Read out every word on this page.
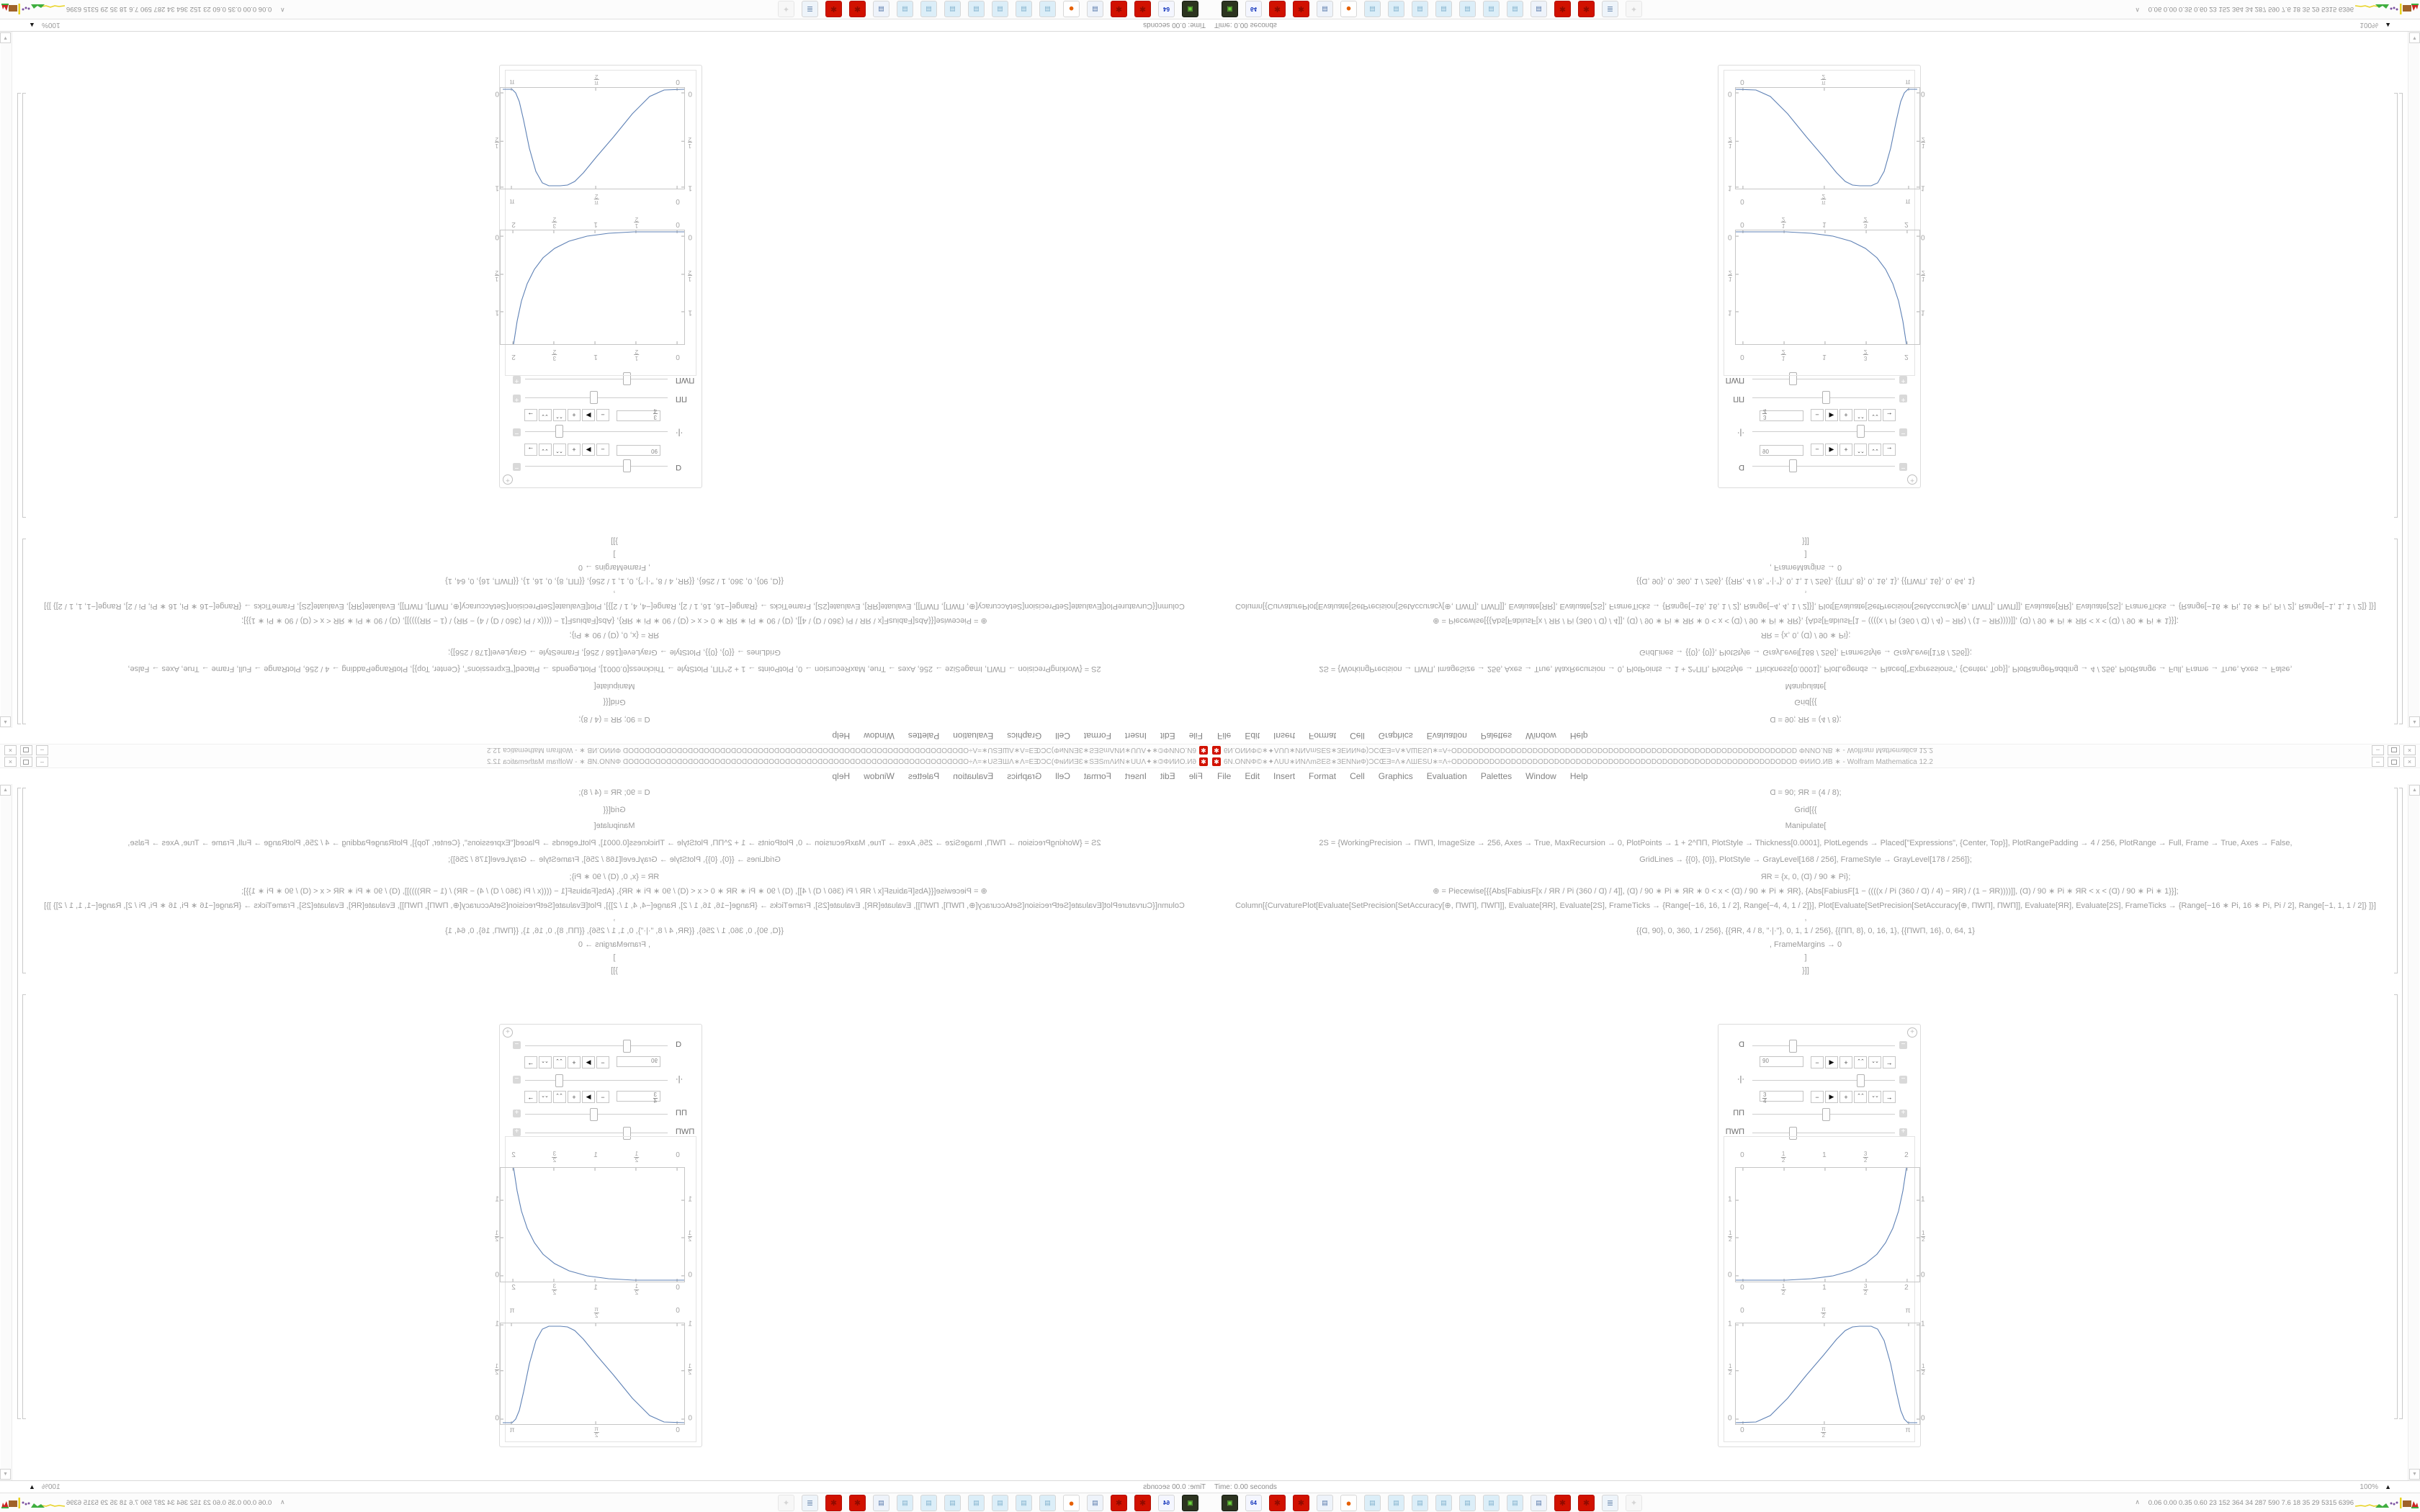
✱ 6N.ONNΦ©∗✦ΛUU∗ИNΛmƧEƧ∗ЗENNᴎΦ)ƆCŒƎ=Λ∗ΛШĒSU∗=Λ÷ODODODODODODODODODODODODODODODODODODODODODODODODODODODODODODODOD ΦИИО.ИВ ∗ - Wolfram Mathematica 12.2	–	×
File Edit Insert Format Cell Graphics Evaluation Palettes Window Help
Ɑ = 90; ЯR = (4 / 8);
Grid[{{
Manipulate[
2S = {WorkingPrecision → ПWП, ImageSize → 256, Axes → True, MaxRecursion → 0, PlotPoints → 1 + 2^ПП, PlotStyle → Thickness[0.0001], PlotLegends → Placed["Expressions", {Center, Top}], PlotRangePadding → 4 / 256, PlotRange → Full, Frame → True, Axes → False,
GridLines → {{0}, {0}}, PlotStyle → GrayLevel[168 / 256], FrameStyle → GrayLevel[178 / 256]};
ЯR = {x, 0, (Ɑ) / 90 ∗ Pi};
⊕ = Piecewise[{{Abs[FabiusF[x / ЯR / Pi (360 / Ɑ) / 4]], (Ɑ) / 90 ∗ Pi ∗ ЯR ∗ 0 < x < (Ɑ) / 90 ∗ Pi ∗ ЯR}, {Abs[FabiusF[1 − ((((x / Pi (360 / Ɑ) / 4) − ЯR) / (1 − ЯR))))]], (Ɑ) / 90 ∗ Pi ∗ ЯR < x < (Ɑ) / 90 ∗ Pi ∗ 1}}];
Column[{CurvaturePlot[Evaluate[SetPrecision[SetAccuracy[⊕, ПWП], ПWП]], Evaluate[ЯR], Evaluate[2S], FrameTicks → {Range[−16, 16, 1 / 2], Range[−4, 4, 1 / 2]}], Plot[Evaluate[SetPrecision[SetAccuracy[⊕, ПWП], ПWП]], Evaluate[ЯR], Evaluate[2S], FrameTicks → {Range[−16 ∗ Pi, 16 ∗ Pi, Pi / 2], Range[−1, 1, 1 / 2]} ]}]
,
{{Ɑ, 90}, 0, 360, 1 / 256}, {{ЯR, 4 / 8, "·|·"}, 0, 1, 1 / 256}, {{ПП, 8}, 0, 16, 1}, {{ПWП, 16}, 0, 64, 1}
, FrameMargins → 0
]
}]]
+
Ɑ	−
90	−	▶	+	⌃⌃	⌄⌄	→
·|·	−
$\frac{3}{4}$	−	▶	+	⌃⌃	⌄⌄	→
ПП	+
ПWП	+
0	$\frac{1}{2}$	1	$\frac{3}{2}$	2
0	$\frac{1}{2}$	1	$\frac{3}{2}$	2
1	1
$\frac{1}{2}$	$\frac{1}{2}$
0	0
0	$\frac{\pi}{2}$	π
0	$\frac{\pi}{2}$	π
1	1
$\frac{1}{2}$	$\frac{1}{2}$
0	0
▲
▼
Time: 0.00 seconds	100% ▲
▣	64	✱	✱	▤	●	▤	▤	▤	▤	▤	▤	▤	▤	✱	✱	≣	✦	∧ 0.06 0.00 0.35 0.60 23 152 364 34 287 590 7.6 18 35 29 5315 6396
✱
6N.ONNΦ©∗✦ΛUU∗ИNΛmƧEƧ∗ЗENNᴎΦ)ƆCŒƎ=Λ∗ΛШĒSU∗=Λ÷ODODODODODODODODODODODODODODODODODODODODODODODODODODODODODODODOD ΦИИО.ИВ ∗ - Wolfram Mathematica 12.2
–
×
File
Edit
Insert
Format
Cell
Graphics
Evaluation
Palettes
Window
Help
Ɑ = 90; ЯR = (4 / 8);
Grid[{{
Manipulate[
2S = {WorkingPrecision → ПWП, ImageSize → 256, Axes → True, MaxRecursion → 0, PlotPoints → 1 + 2^ПП, PlotStyle → Thickness[0.0001], PlotLegends → Placed["Expressions", {Center, Top}], PlotRangePadding → 4 / 256, PlotRange → Full, Frame → True, Axes → False,
GridLines → {{0}, {0}}, PlotStyle → GrayLevel[168 / 256], FrameStyle → GrayLevel[178 / 256]};
ЯR = {x, 0, (Ɑ) / 90 ∗ Pi};
⊕ = Piecewise[{{Abs[FabiusF[x / ЯR / Pi (360 / Ɑ) / 4]], (Ɑ) / 90 ∗ Pi ∗ ЯR ∗ 0 < x < (Ɑ) / 90 ∗ Pi ∗ ЯR}, {Abs[FabiusF[1 − ((((x / Pi (360 / Ɑ) / 4) − ЯR) / (1 − ЯR))))]], (Ɑ) / 90 ∗ Pi ∗ ЯR < x < (Ɑ) / 90 ∗ Pi ∗ 1}}];
Column[{CurvaturePlot[Evaluate[SetPrecision[SetAccuracy[⊕, ПWП], ПWП]], Evaluate[ЯR], Evaluate[2S], FrameTicks → {Range[−16, 16, 1 / 2], Range[−4, 4, 1 / 2]}], Plot[Evaluate[SetPrecision[SetAccuracy[⊕, ПWП], ПWП]], Evaluate[ЯR], Evaluate[2S], FrameTicks → {Range[−16 ∗ Pi, 16 ∗ Pi, Pi / 2], Range[−1, 1, 1 / 2]} ]}]
,
{{Ɑ, 90}, 0, 360, 1 / 256}, {{ЯR, 4 / 8, "·|·"}, 0, 1, 1 / 256}, {{ПП, 8}, 0, 16, 1}, {{ПWП, 16}, 0, 64, 1}
, FrameMargins → 0
]
}]]
+
Ɑ
−
90
−
▶
+
⌃⌃
⌄⌄
→
·|·
−
$\frac{3}{4}$
−
▶
+
⌃⌃
⌄⌄
→
ПП
+
ПWП
+
0
$\frac{1}{2}$
1
$\frac{3}{2}$
2
0
$\frac{1}{2}$
1
$\frac{3}{2}$
2
1
1
$\frac{1}{2}$
$\frac{1}{2}$
0
0
0
$\frac{\pi}{2}$
π
0
$\frac{\pi}{2}$
π
1
1
$\frac{1}{2}$
$\frac{1}{2}$
0
0
▲
▼
Time: 0.00 seconds
100%
▲
▣
64
✱
✱
▤
●
▤
▤
▤
▤
▤
▤
▤
▤
✱
✱
≣
✦
∧
0.06 0.00 0.35 0.60 23 152 364 34 287 590 7.6 18 35 29 5315 6396
✱ 6N.ONNΦ©∗✦ΛUU∗ИNΛmƧEƧ∗ЗENNᴎΦ)ƆCŒƎ=Λ∗ΛШĒSU∗=Λ÷ODODODODODODODODODODODODODODODODODODODODODODODODODODODODODODODOD ΦИИО.ИВ ∗ - Wolfram Mathematica 12.2	–	×
File Edit Insert Format Cell Graphics Evaluation Palettes Window Help
Ɑ = 90; ЯR = (4 / 8);
Grid[{{
Manipulate[
2S = {WorkingPrecision → ПWП, ImageSize → 256, Axes → True, MaxRecursion → 0, PlotPoints → 1 + 2^ПП, PlotStyle → Thickness[0.0001], PlotLegends → Placed["Expressions", {Center, Top}], PlotRangePadding → 4 / 256, PlotRange → Full, Frame → True, Axes → False,
GridLines → {{0}, {0}}, PlotStyle → GrayLevel[168 / 256], FrameStyle → GrayLevel[178 / 256]};
ЯR = {x, 0, (Ɑ) / 90 ∗ Pi};
⊕ = Piecewise[{{Abs[FabiusF[x / ЯR / Pi (360 / Ɑ) / 4]], (Ɑ) / 90 ∗ Pi ∗ ЯR ∗ 0 < x < (Ɑ) / 90 ∗ Pi ∗ ЯR}, {Abs[FabiusF[1 − ((((x / Pi (360 / Ɑ) / 4) − ЯR) / (1 − ЯR))))]], (Ɑ) / 90 ∗ Pi ∗ ЯR < x < (Ɑ) / 90 ∗ Pi ∗ 1}}];
Column[{CurvaturePlot[Evaluate[SetPrecision[SetAccuracy[⊕, ПWП], ПWП]], Evaluate[ЯR], Evaluate[2S], FrameTicks → {Range[−16, 16, 1 / 2], Range[−4, 4, 1 / 2]}], Plot[Evaluate[SetPrecision[SetAccuracy[⊕, ПWП], ПWП]], Evaluate[ЯR], Evaluate[2S], FrameTicks → {Range[−16 ∗ Pi, 16 ∗ Pi, Pi / 2], Range[−1, 1, 1 / 2]} ]}]
,
{{Ɑ, 90}, 0, 360, 1 / 256}, {{ЯR, 4 / 8, "·|·"}, 0, 1, 1 / 256}, {{ПП, 8}, 0, 16, 1}, {{ПWП, 16}, 0, 64, 1}
, FrameMargins → 0
]
}]]
+
Ɑ	−
90	−	▶	+	⌃⌃	⌄⌄	→
·|·	−
3
4
−	▶	+	⌃⌃	⌄⌄	→
ПП	+
ПWП	+
0	1
2
1	3
2
2
0	1
2
1	3
2
2
1	1
1
2
1
2
0	0
0	π
2
π
0	π
2
π
1	1
1
2
1
2
0	0
▲
▼
Time: 0.00 seconds	100% ▲
▣	64	✱	✱	▤	●	▤	▤	▤	▤	▤	▤	▤	▤	✱	✱	≣	✦	∧ 0.06 0.00 0.35 0.60 23 152 364 34 287 590 7.6 18 35 29 5315 6396
✱
6N.ONNΦ©∗✦ΛUU∗ИNΛmƧEƧ∗ЗENNᴎΦ)ƆCŒƎ=Λ∗ΛШĒSU∗=Λ÷ODODODODODODODODODODODODODODODODODODODODODODODODODODODODODODODOD ΦИИО.ИВ ∗ - Wolfram Mathematica 12.2
–
×
File
Edit
Insert
Format
Cell
Graphics
Evaluation
Palettes
Window
Help
Ɑ = 90; ЯR = (4 / 8);
Grid[{{
Manipulate[
2S = {WorkingPrecision → ПWП, ImageSize → 256, Axes → True, MaxRecursion → 0, PlotPoints → 1 + 2^ПП, PlotStyle → Thickness[0.0001], PlotLegends → Placed["Expressions", {Center, Top}], PlotRangePadding → 4 / 256, PlotRange → Full, Frame → True, Axes → False,
GridLines → {{0}, {0}}, PlotStyle → GrayLevel[168 / 256], FrameStyle → GrayLevel[178 / 256]};
ЯR = {x, 0, (Ɑ) / 90 ∗ Pi};
⊕ = Piecewise[{{Abs[FabiusF[x / ЯR / Pi (360 / Ɑ) / 4]], (Ɑ) / 90 ∗ Pi ∗ ЯR ∗ 0 < x < (Ɑ) / 90 ∗ Pi ∗ ЯR}, {Abs[FabiusF[1 − ((((x / Pi (360 / Ɑ) / 4) − ЯR) / (1 − ЯR))))]], (Ɑ) / 90 ∗ Pi ∗ ЯR < x < (Ɑ) / 90 ∗ Pi ∗ 1}}];
Column[{CurvaturePlot[Evaluate[SetPrecision[SetAccuracy[⊕, ПWП], ПWП]], Evaluate[ЯR], Evaluate[2S], FrameTicks → {Range[−16, 16, 1 / 2], Range[−4, 4, 1 / 2]}], Plot[Evaluate[SetPrecision[SetAccuracy[⊕, ПWП], ПWП]], Evaluate[ЯR], Evaluate[2S], FrameTicks → {Range[−16 ∗ Pi, 16 ∗ Pi, Pi / 2], Range[−1, 1, 1 / 2]} ]}]
,
{{Ɑ, 90}, 0, 360, 1 / 256}, {{ЯR, 4 / 8, "·|·"}, 0, 1, 1 / 256}, {{ПП, 8}, 0, 16, 1}, {{ПWП, 16}, 0, 64, 1}
, FrameMargins → 0
]
}]]
+
Ɑ
−
90
−
▶
+
⌃⌃
⌄⌄
→
·|·
−
3
4
−
▶
+
⌃⌃
⌄⌄
→
ПП
+
ПWП
+
0
1
2
1
3
2
2
0
1
2
1
3
2
2
1
1
1
2
1
2
0
0
0
π
2
π
0
π
2
π
1
1
1
2
1
2
0
0
▲
▼
Time: 0.00 seconds
100%
▲
▣
64
✱
✱
▤
●
▤
▤
▤
▤
▤
▤
▤
▤
✱
✱
≣
✦
∧
0.06 0.00 0.35 0.60 23 152 364 34 287 590 7.6 18 35 29 5315 6396
